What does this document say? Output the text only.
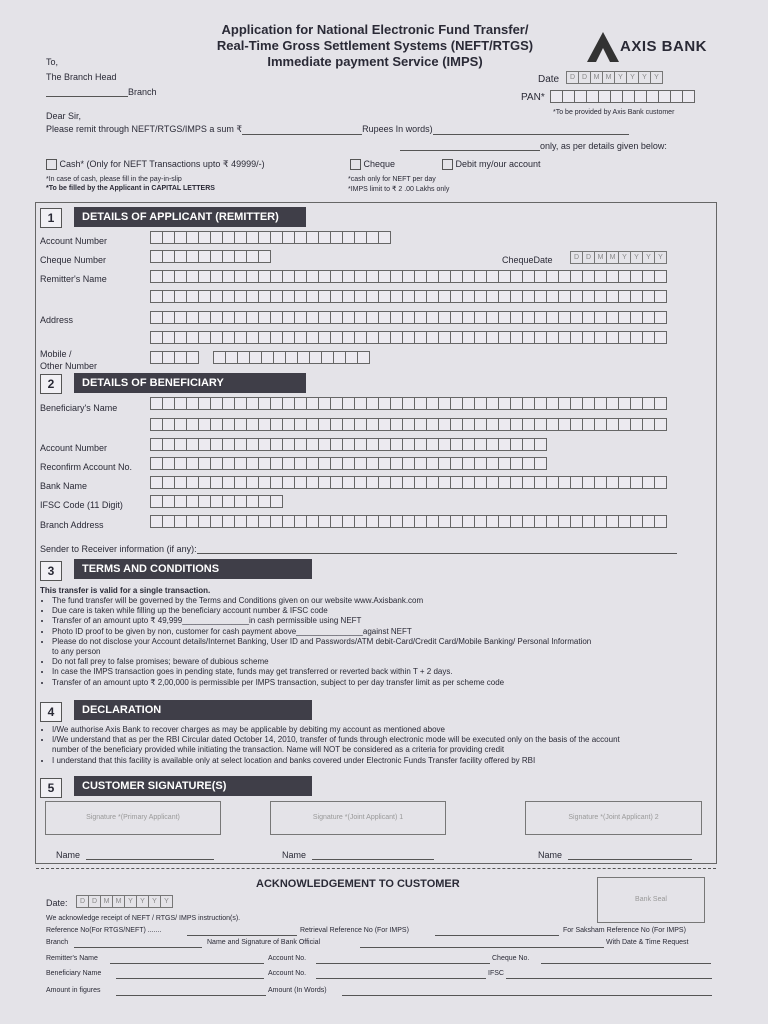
Application for National Electronic Fund Transfer/
Real-Time Gross Settlement Systems (NEFT/RTGS)
Immediate payment Service (IMPS)
AXIS BANK
To,
The Branch Head
Branch
Date	D D M M Y	Y	Y	Y
PAN*
*To be provided by Axis Bank customer
Dear Sir,
Please remit through NEFT/RTGS/IMPS a sum ₹	Rupees In words)
only, as per details given below:
Cash* (Only for NEFT Transactions upto ₹ 49999/-)	Cheque	Debit my/our account
*In case of cash, please fill in the pay-in-slip
*To be filled by the Applicant in CAPITAL LETTERS
*cash only for NEFT per day
*IMPS limit to ₹ 2 .00 Lakhs only
1	DETAILS OF APPLICANT (REMITTER)
Account Number
Cheque Number	ChequeDate	D D M M Y	Y	Y	Y
Remitter's Name
Address
Mobile /
Other Number
2	DETAILS OF BENEFICIARY
Beneficiary's Name
Account Number
Reconfirm Account No.
Bank Name
IFSC Code (11 Digit)
Branch Address
Sender to Receiver information (if any):
3	TERMS AND CONDITIONS
This transfer is valid for a single transaction.
• The fund transfer will be governed by the Terms and Conditions given on our website www.Axisbank.com
• Due care is taken while filling up the beneficiary account number & IFSC code
• Transfer of an amount upto ₹ 49,999_______________in cash permissible using NEFT
• Photo ID proof to be given by non, customer for cash payment above_______________against NEFT
• Please do not disclose your Account details/Internet Banking, User ID and Passwords/ATM debit-Card/Credit Card/Mobile Banking/ Personal Information
to any person
• Do not fall prey to false promises; beware of dubious scheme
• In case the IMPS transaction goes in pending state, funds may get transferred or reverted back within T + 2 days.
• Transfer of an amount upto ₹ 2,00,000 is permissible per IMPS transaction, subject to per day transfer limit as per scheme code
4	DECLARATION
• I/We authorise Axis Bank to recover charges as may be applicable by debiting my account as mentioned above
• I/We understand that as per the RBI Circular dated October 14, 2010, transfer of funds through electronic mode will be executed only on the basis of the account
number of the beneficiary provided while initiating the transaction. Name will NOT be considered as a criteria for providing credit
• I understand that this facility is available only at select location and banks covered under Electronic Funds Transfer facility offered by RBI
5	CUSTOMER SIGNATURE(S)
Signature *(Primary Applicant)	Signature *(Joint Applicant) 1	Signature *(Joint Applicant) 2
Name	Name	Name
ACKNOWLEDGEMENT TO CUSTOMER
Bank Seal
Date:	D D M M Y	Y	Y	Y
We acknowledge receipt of NEFT / RTGS/ IMPS instruction(s).
Reference No(For RTGS/NEFT) .......	Retrieval Reference No (For IMPS)	For Saksham Reference No (For IMPS)
Branch	Name and Signature of Bank Official	With Date & Time Request
Remitter's Name	Account No.	Cheque No.
Beneficiary Name	Account No.	IFSC
Amount in figures	Amount (In Words)
